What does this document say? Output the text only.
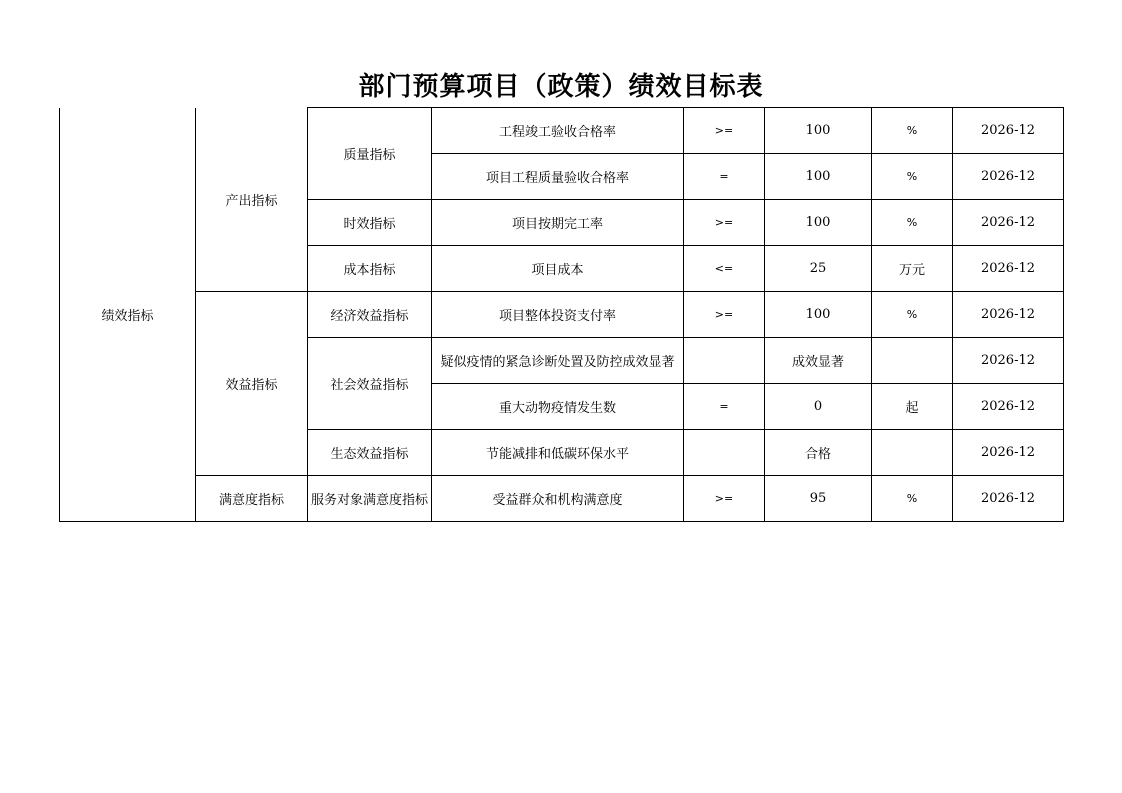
部门预算项目（政策）绩效目标表
绩效指标	产出指标	质量指标	工程竣工验收合格率	>=	100	%	2026-12
			项目工程质量验收合格率	=	100	%	2026-12
		时效指标	项目按期完工率	>=	100	%	2026-12
		成本指标	项目成本	<=	25	万元	2026-12
	效益指标	经济效益指标	项目整体投资支付率	>=	100	%	2026-12
		社会效益指标	疑似疫情的紧急诊断处置及防控成效显著		成效显著		2026-12
			重大动物疫情发生数	=	0	起	2026-12
		生态效益指标	节能减排和低碳环保水平		合格		2026-12
	满意度指标	服务对象满意度指标	受益群众和机构满意度	>=	95	%	2026-12
